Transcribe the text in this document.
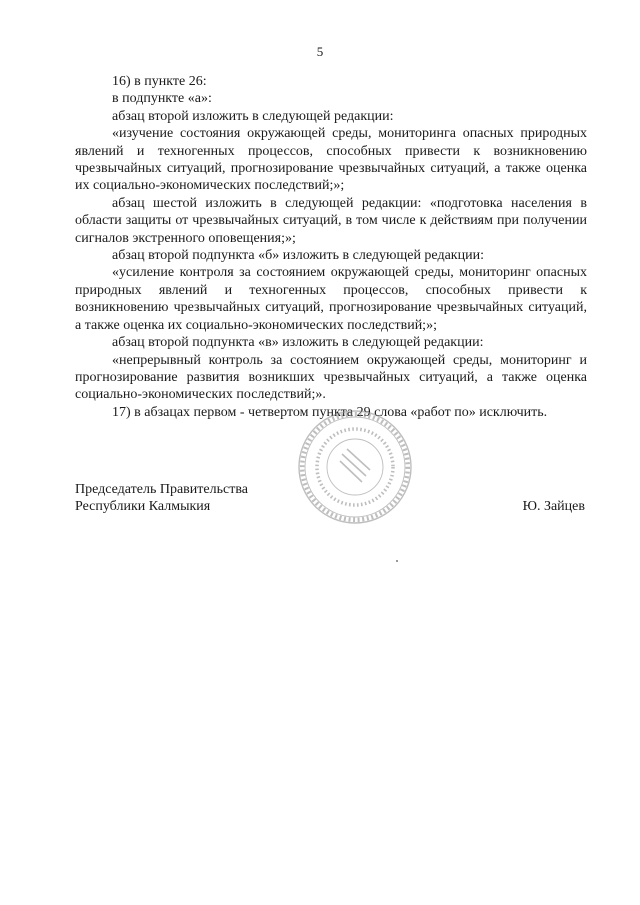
5

16) в пункте 26:

в подпункте «а»:

абзац второй изложить в следующей редакции:

«изучение состояния окружающей среды, мониторинга опасных природных явлений и техногенных процессов, способных привести к возникновению чрезвычайных ситуаций, прогнозирование чрезвычайных ситуаций, а также оценка их социально-экономических последствий;»;

абзац шестой изложить в следующей редакции: «подготовка населения в области защиты от чрезвычайных ситуаций, в том числе к действиям при получении сигналов экстренного оповещения;»;

абзац второй подпункта «б» изложить в следующей редакции:

«усиление контроля за состоянием окружающей среды, мониторинг опасных природных явлений и техногенных процессов, способных привести к возникновению чрезвычайных ситуаций, прогнозирование чрезвычайных ситуаций, а также оценка их социально-экономических последствий;»;

абзац второй подпункта «в» изложить в следующей редакции:

«непрерывный контроль за состоянием окружающей среды, мониторинг и прогнозирование развития возникших чрезвычайных ситуаций, а также оценка социально-экономических последствий;».

17) в абзацах первом - четвертом пункта 29 слова «работ по» исключить.

Председатель Правительства
Республики Калмыкия	Ю. Зайцев
